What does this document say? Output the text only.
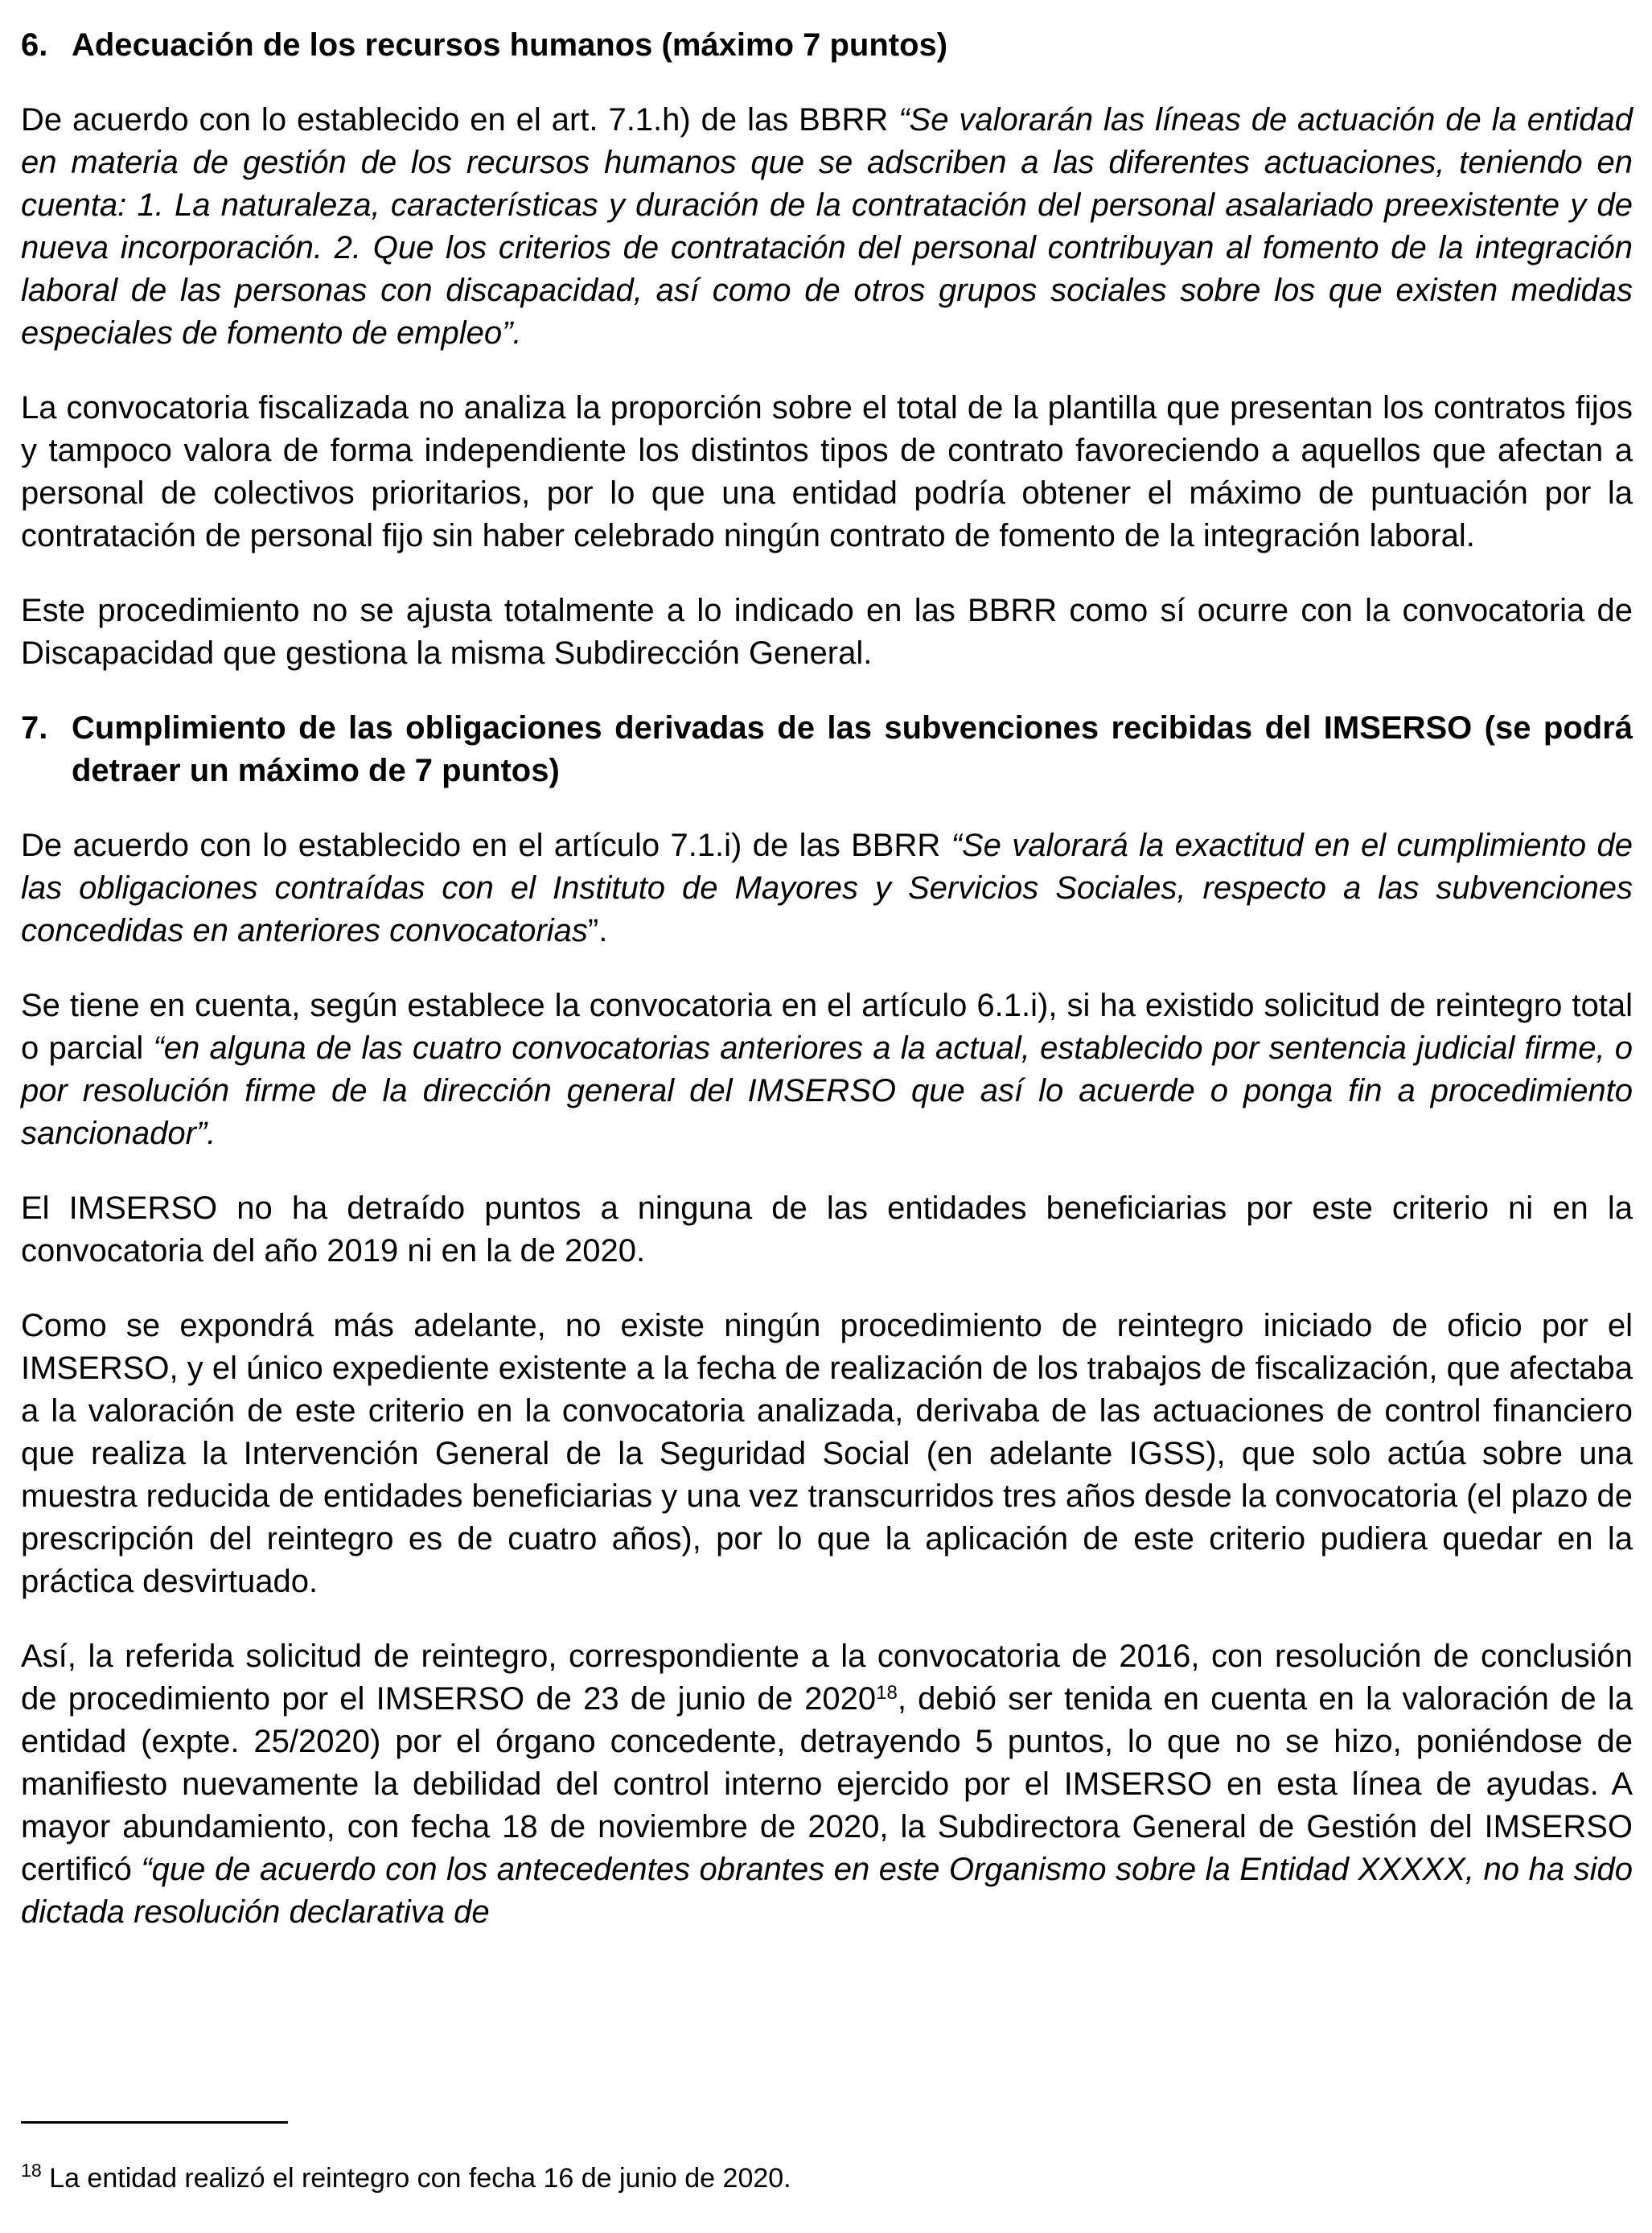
6. Adecuación de los recursos humanos (máximo 7 puntos)

De acuerdo con lo establecido en el art. 7.1.h) de las BBRR “Se valorarán las líneas de actuación de la entidad en materia de gestión de los recursos humanos que se adscriben a las diferentes actuaciones, teniendo en cuenta: 1. La naturaleza, características y duración de la contratación del personal asalariado preexistente y de nueva incorporación. 2. Que los criterios de contratación del personal contribuyan al fomento de la integración laboral de las personas con discapacidad, así como de otros grupos sociales sobre los que existen medidas especiales de fomento de empleo”.

La convocatoria fiscalizada no analiza la proporción sobre el total de la plantilla que presentan los contratos fijos y tampoco valora de forma independiente los distintos tipos de contrato favoreciendo a aquellos que afectan a personal de colectivos prioritarios, por lo que una entidad podría obtener el máximo de puntuación por la contratación de personal fijo sin haber celebrado ningún contrato de fomento de la integración laboral.

Este procedimiento no se ajusta totalmente a lo indicado en las BBRR como sí ocurre con la convocatoria de Discapacidad que gestiona la misma Subdirección General.

7. Cumplimiento de las obligaciones derivadas de las subvenciones recibidas del IMSERSO (se podrá detraer un máximo de 7 puntos)

De acuerdo con lo establecido en el artículo 7.1.i) de las BBRR “Se valorará la exactitud en el cumplimiento de las obligaciones contraídas con el Instituto de Mayores y Servicios Sociales, respecto a las subvenciones concedidas en anteriores convocatorias”.

Se tiene en cuenta, según establece la convocatoria en el artículo 6.1.i), si ha existido solicitud de reintegro total o parcial “en alguna de las cuatro convocatorias anteriores a la actual, establecido por sentencia judicial firme, o por resolución firme de la dirección general del IMSERSO que así lo acuerde o ponga fin a procedimiento sancionador”.

El IMSERSO no ha detraído puntos a ninguna de las entidades beneficiarias por este criterio ni en la convocatoria del año 2019 ni en la de 2020.

Como se expondrá más adelante, no existe ningún procedimiento de reintegro iniciado de oficio por el IMSERSO, y el único expediente existente a la fecha de realización de los trabajos de fiscalización, que afectaba a la valoración de este criterio en la convocatoria analizada, derivaba de las actuaciones de control financiero que realiza la Intervención General de la Seguridad Social (en adelante IGSS), que solo actúa sobre una muestra reducida de entidades beneficiarias y una vez transcurridos tres años desde la convocatoria (el plazo de prescripción del reintegro es de cuatro años), por lo que la aplicación de este criterio pudiera quedar en la práctica desvirtuado.

Así, la referida solicitud de reintegro, correspondiente a la convocatoria de 2016, con resolución de conclusión de procedimiento por el IMSERSO de 23 de junio de 2020$^{18}$, debió ser tenida en cuenta en la valoración de la entidad (expte. 25/2020) por el órgano concedente, detrayendo 5 puntos, lo que no se hizo, poniéndose de manifiesto nuevamente la debilidad del control interno ejercido por el IMSERSO en esta línea de ayudas. A mayor abundamiento, con fecha 18 de noviembre de 2020, la Subdirectora General de Gestión del IMSERSO certificó “que de acuerdo con los antecedentes obrantes en este Organismo sobre la Entidad XXXXX, no ha sido dictada resolución declarativa de

$^{18}$ La entidad realizó el reintegro con fecha 16 de junio de 2020.
